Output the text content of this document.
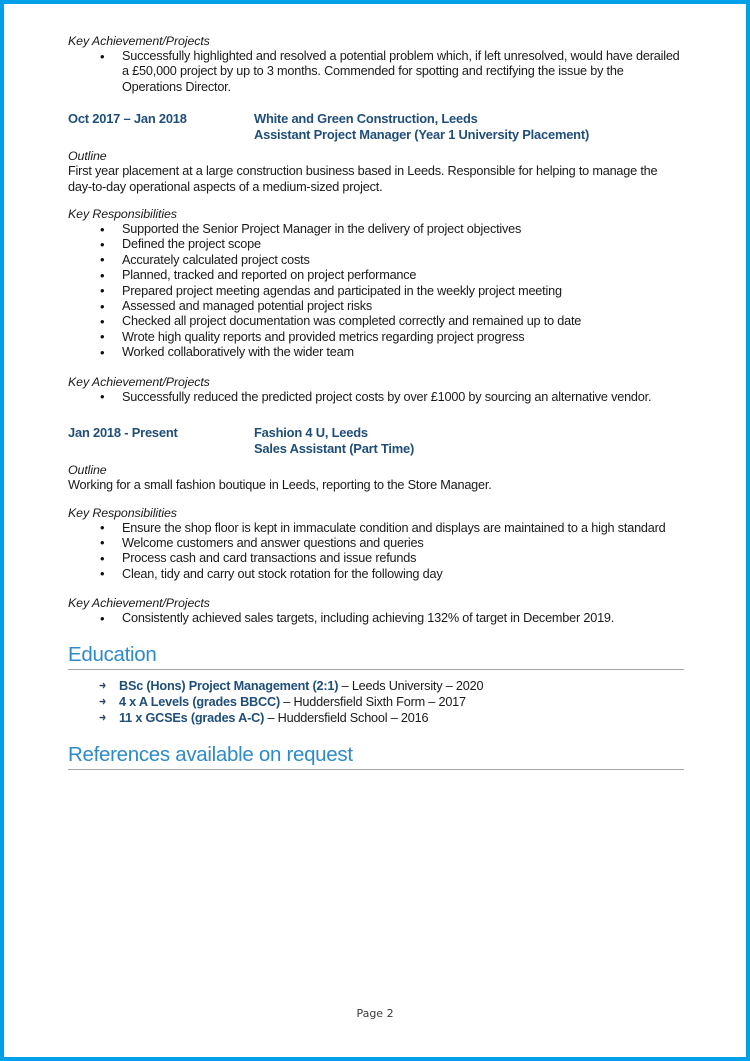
Key Achievement/Projects
• Successfully highlighted and resolved a potential problem which, if left unresolved, would have derailed a £50,000 project by up to 3 months. Commended for spotting and rectifying the issue by the Operations Director.
Oct 2017 – Jan 2018	White and Green Construction, Leeds
Assistant Project Manager (Year 1 University Placement)
Outline

First year placement at a large construction business based in Leeds. Responsible for helping to manage the day-to-day operational aspects of a medium-sized project.

Key Responsibilities
• Supported the Senior Project Manager in the delivery of project objectives
• Defined the project scope
• Accurately calculated project costs
• Planned, tracked and reported on project performance
• Prepared project meeting agendas and participated in the weekly project meeting
• Assessed and managed potential project risks
• Checked all project documentation was completed correctly and remained up to date
• Wrote high quality reports and provided metrics regarding project progress
• Worked collaboratively with the wider team
Key Achievement/Projects
• Successfully reduced the predicted project costs by over £1000 by sourcing an alternative vendor.
Jan 2018 - Present	Fashion 4 U, Leeds
Sales Assistant (Part Time)
Outline

Working for a small fashion boutique in Leeds, reporting to the Store Manager.

Key Responsibilities
• Ensure the shop floor is kept in immaculate condition and displays are maintained to a high standard
• Welcome customers and answer questions and queries
• Process cash and card transactions and issue refunds
• Clean, tidy and carry out stock rotation for the following day
Key Achievement/Projects
• Consistently achieved sales targets, including achieving 132% of target in December 2019.
Education
➜ BSc (Hons) Project Management (2:1) – Leeds University – 2020
➜ 4 x A Levels (grades BBCC) – Huddersfield Sixth Form – 2017
➜ 11 x GCSEs (grades A-C) – Huddersfield School – 2016
References available on request
Page 2
